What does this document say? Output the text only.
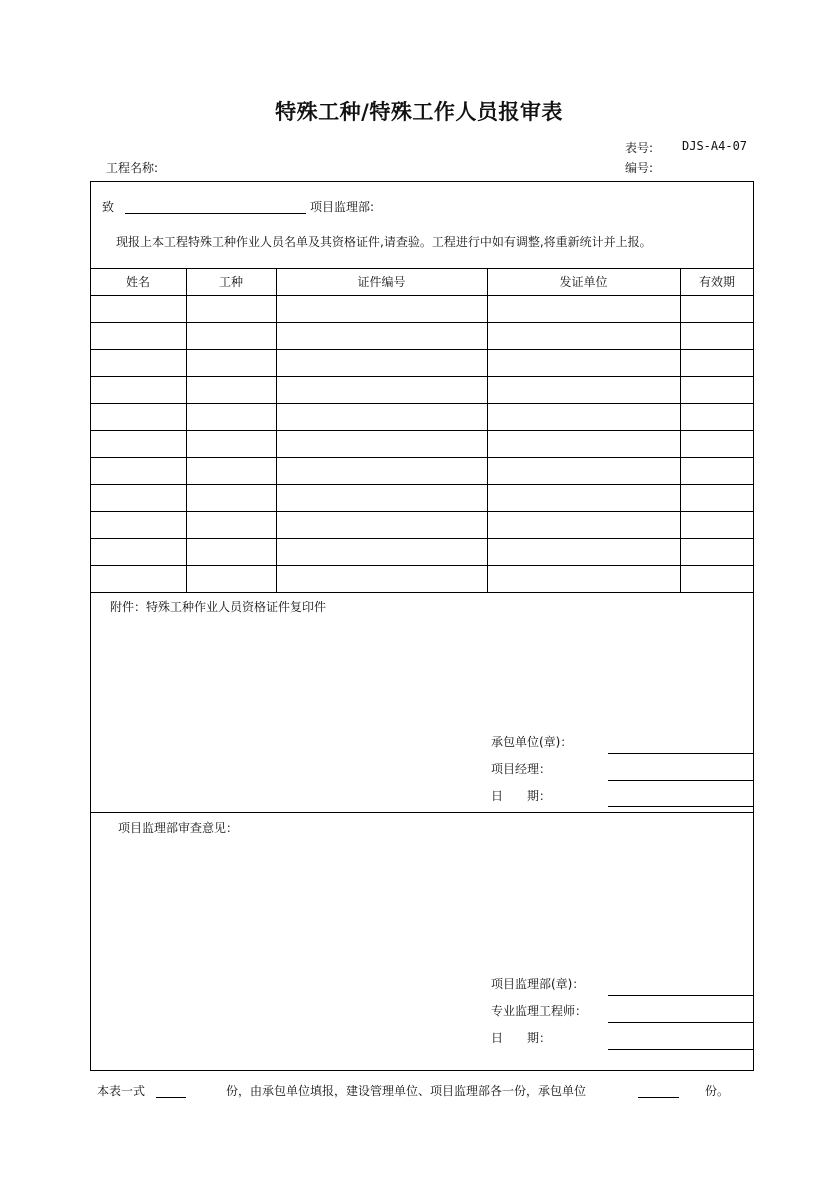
特殊工种/特殊工作人员报审表
表号: DJS-A4-07
编号:
工程名称:
致	项目监理部:
现报上本工程特殊工种作业人员名单及其资格证件,请查验。工程进行中如有调整,将重新统计并上报。
姓名	工种	证件编号	发证单位	有效期
附件：特殊工种作业人员资格证件复印件
承包单位(章)：
项目经理：
日　　期：
项目监理部审查意见：
项目监理部(章)：
专业监理工程师：
日　　期：
本表一式	份，由承包单位填报，建设管理单位、项目监理部各一份，承包单位	份。
